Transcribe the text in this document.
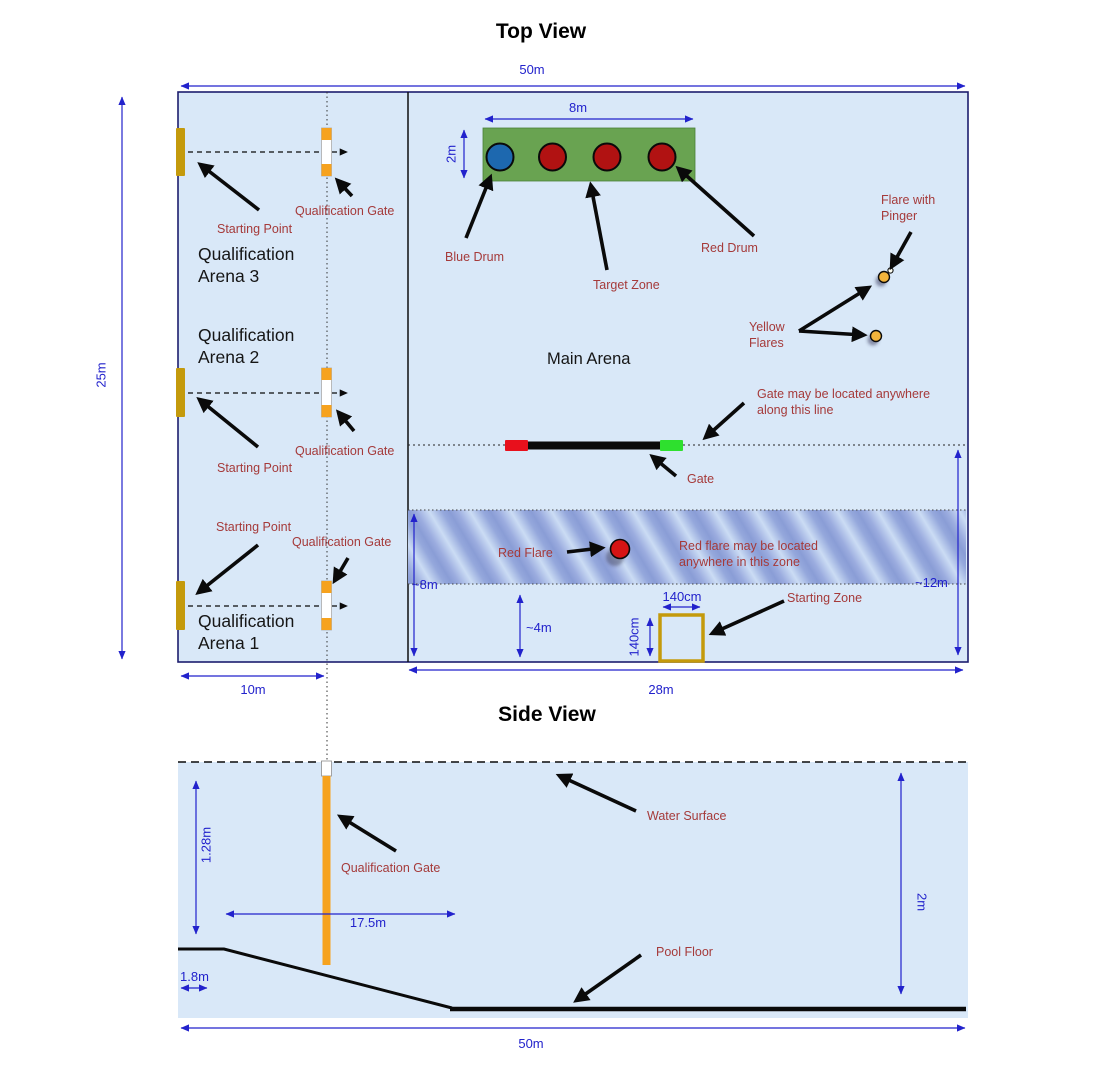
Top View
50m
25m
8m
2m
Qualification Gate
Starting Point
Qualification Arena 3
Qualification Arena 2
Qualification Gate
Starting Point
Starting Point
Qualification Gate
Qualification Arena 1
Blue Drum
Target Zone
Red Drum
Main Arena
Flare with Pinger
Yellow Flares
Gate may be located anywhere along this line
Gate
Red Flare	Red flare may be located anywhere in this zone
~8m	~12m
~4m
140cm
140cm
Starting Zone
10m	28m
Side View
Water Surface
Qualification Gate
1.28m
17.5m
1.8m
Pool Floor
2m
50m
